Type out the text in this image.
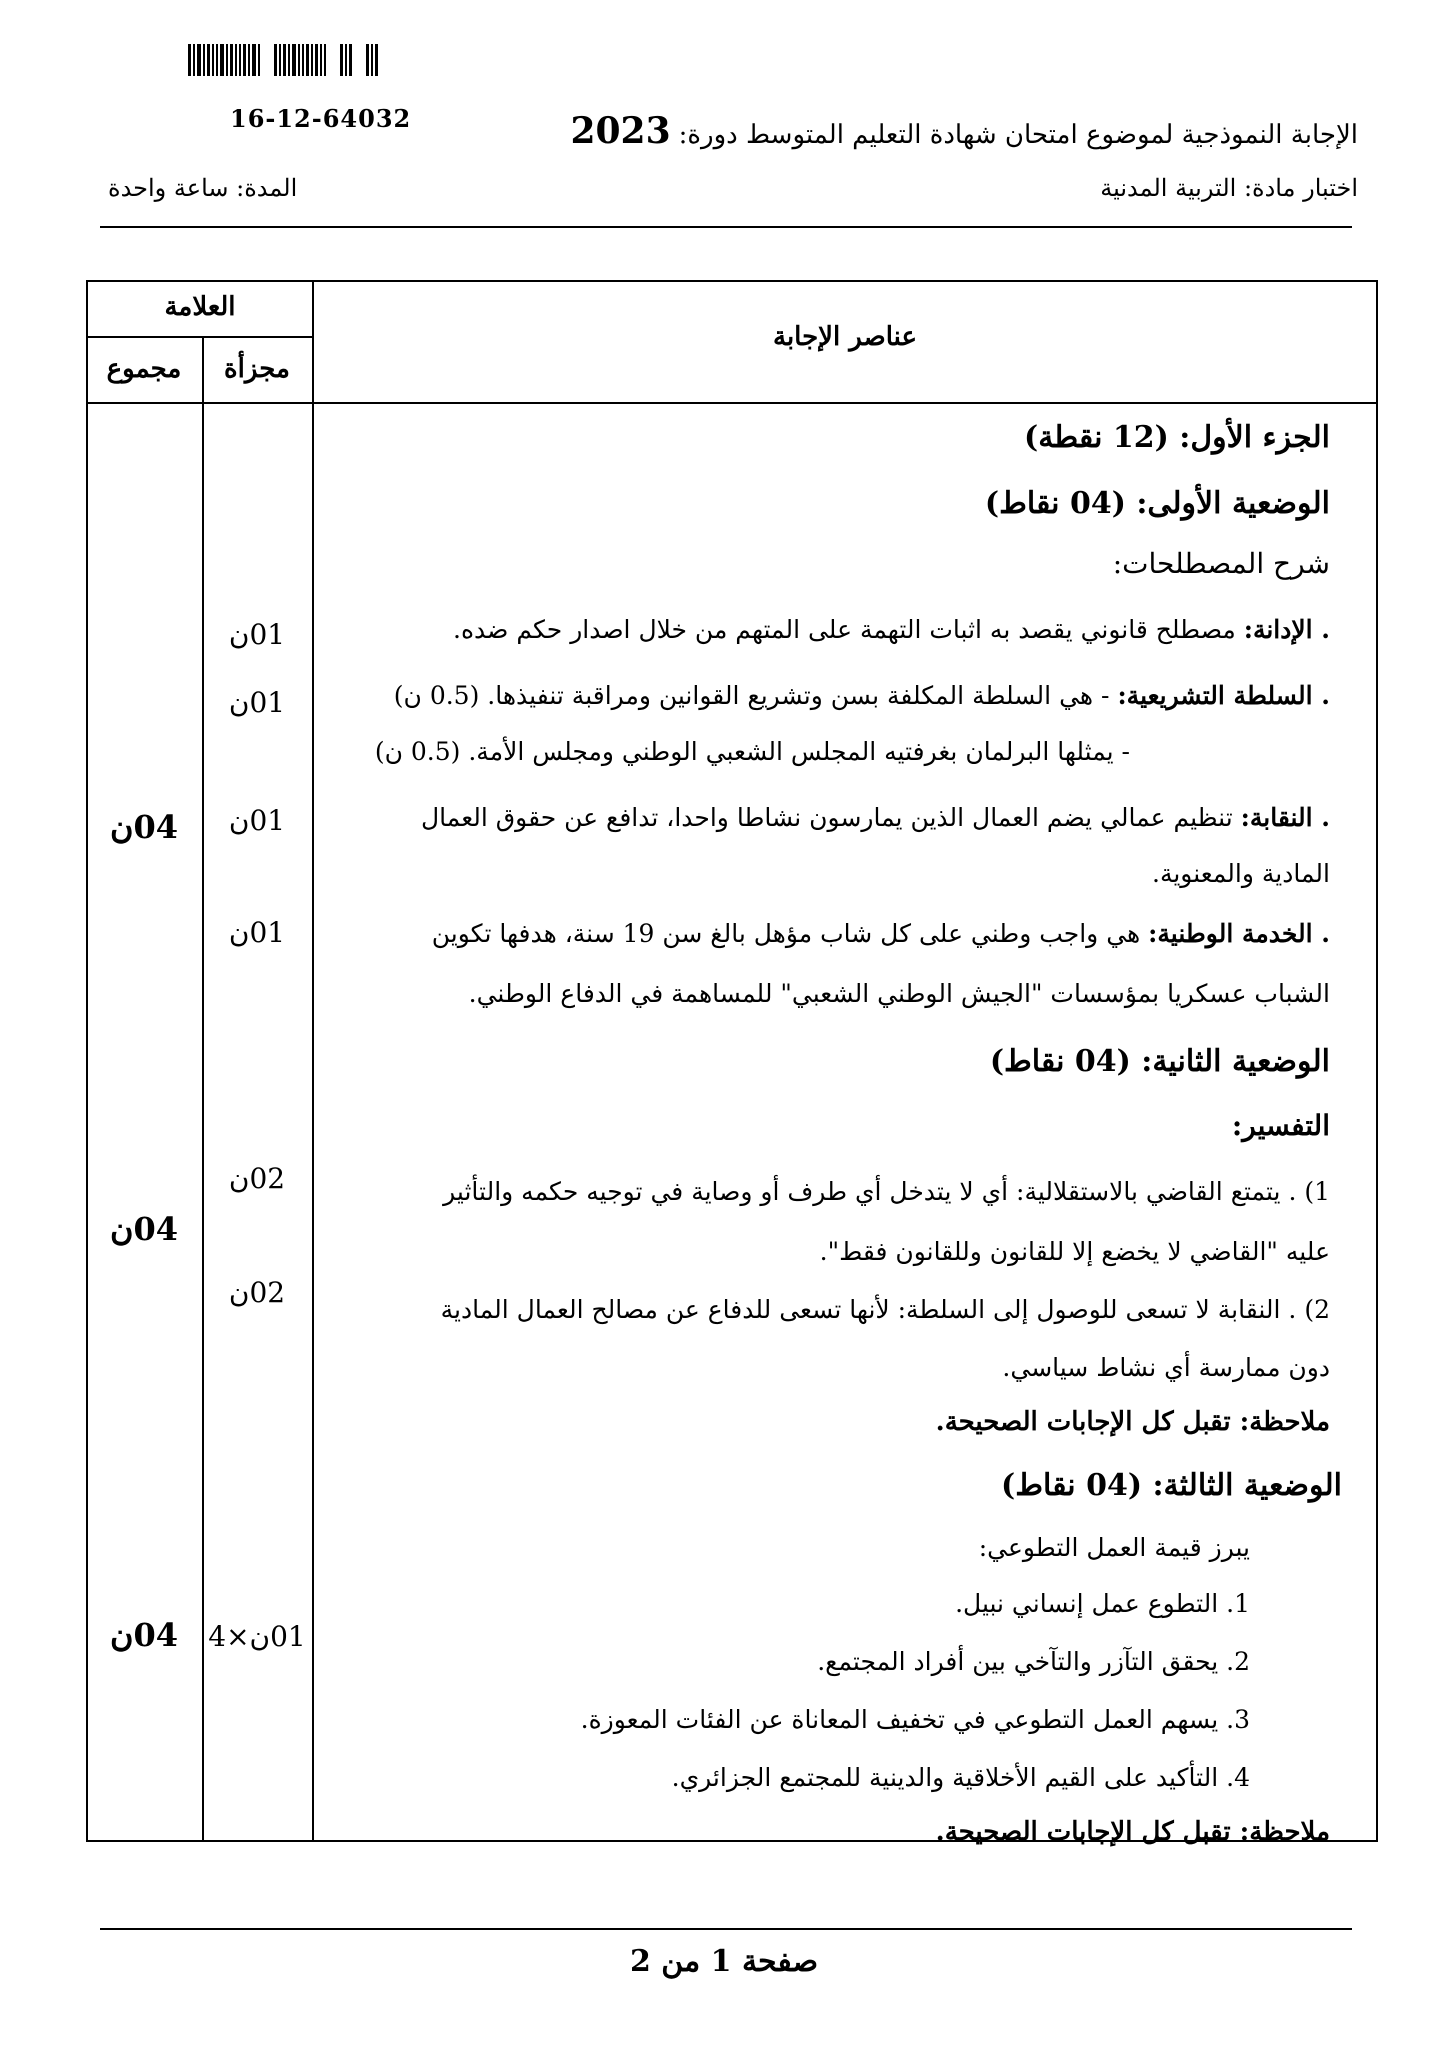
16-12-64032
الإجابة النموذجية لموضوع امتحان شهادة التعليم المتوسط دورة:2023
اختبار مادة: التربية المدنية
المدة: ساعة واحدة
العلامة
مجموع	مجزأة
عناصر الإجابة
01ن
01ن
01ن
01ن
02ن
02ن
01ن×4
04ن
04ن
04ن
الجزء الأول: (12 نقطة)
الوضعية الأولى: (04 نقاط)
شرح المصطلحات:
. الإدانة: مصطلح قانوني يقصد به اثبات التهمة على المتهم من خلال اصدار حكم ضده.
. السلطة التشريعية: - هي السلطة المكلفة بسن وتشريع القوانين ومراقبة تنفيذها. (0.5 ن)
- يمثلها البرلمان بغرفتيه المجلس الشعبي الوطني ومجلس الأمة. (0.5 ن)
. النقابة: تنظيم عمالي يضم العمال الذين يمارسون نشاطا واحدا، تدافع عن حقوق العمال
المادية والمعنوية.
. الخدمة الوطنية: هي واجب وطني على كل شاب مؤهل بالغ سن 19 سنة، هدفها تكوين
الشباب عسكريا بمؤسسات "الجيش الوطني الشعبي" للمساهمة في الدفاع الوطني.
الوضعية الثانية: (04 نقاط)
التفسير:
1) . يتمتع القاضي بالاستقلالية: أي لا يتدخل أي طرف أو وصاية في توجيه حكمه والتأثير
عليه "القاضي لا يخضع إلا للقانون وللقانون فقط".
2) . النقابة لا تسعى للوصول إلى السلطة: لأنها تسعى للدفاع عن مصالح العمال المادية
دون ممارسة أي نشاط سياسي.
ملاحظة: تقبل كل الإجابات الصحيحة.
الوضعية الثالثة: (04 نقاط)
يبرز قيمة العمل التطوعي:
1. التطوع عمل إنساني نبيل.
2. يحقق التآزر والتآخي بين أفراد المجتمع.
3. يسهم العمل التطوعي في تخفيف المعاناة عن الفئات المعوزة.
4. التأكيد على القيم الأخلاقية والدينية للمجتمع الجزائري.
ملاحظة: تقبل كل الإجابات الصحيحة.
صفحة 1 من 2
